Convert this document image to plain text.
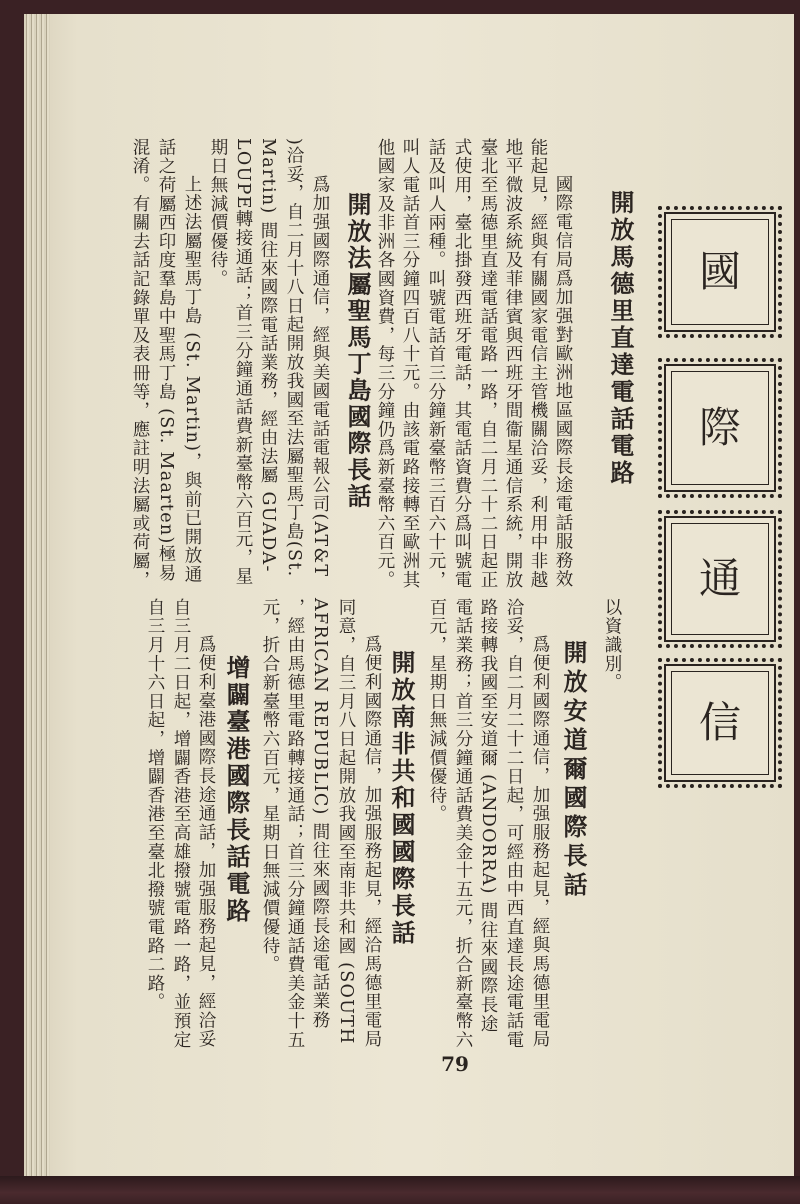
國
際
通
信
開放馬德里直達電話電路
國際電信局爲加强對歐洲地區國際長途電話服務效
能起見，經與有關國家電信主管機關洽妥，利用中非越
地平微波系統及菲律賓與西班牙間衞星通信系統，開放
臺北至馬德里直達電話電路一路，自二月二十二日起正
式使用，臺北掛發西班牙電話，其電話資費分爲叫號電
話及叫人兩種。叫號電話首三分鐘新臺幣三百六十元，
叫人電話首三分鐘四百八十元。由該電路接轉至歐洲其
他國家及非洲各國資費，每三分鐘仍爲新臺幣六百元。
開放法屬聖馬丁島國際長話
爲加强國際通信，經與美國電話電報公司(AT&T
)洽妥，自二月十八日起開放我國至法屬聖馬丁島(St.
Martin) 間往來國際電話業務，經由法屬 GUADA-
LOUPE轉接通話；首三分鐘通話費新臺幣六百元，星
期日無減價優待。
上述法屬聖馬丁島 (St. Martin)，與前已開放通
話之荷屬西印度羣島中聖馬丁島 (St. Maarten)極易
混淆。有關去話記錄單及表冊等，應註明法屬或荷屬，
以資識別。
開放安道爾國際長話
爲便利國際通信，加强服務起見，經與馬德里電局
洽妥，自二月二十二日起，可經由中西直達長途電話電
路接轉我國至安道爾 (ANDORRA) 間往來國際長途
電話業務；首三分鐘通話費美金十五元，折合新臺幣六
百元，星期日無減價優待。
開放南非共和國國際長話
爲便利國際通信，加强服務起見，經洽馬德里電局
同意，自三月八日起開放我國至南非共和國 (SOUTH
AFRICAN REPUBLIC) 間往來國際長途電話業務
，經由馬德里電路轉接通話；首三分鐘通話費美金十五
元，折合新臺幣六百元，星期日無減價優待。
增闢臺港國際長話電路
爲便利臺港國際長途通話，加强服務起見，經洽妥
自三月二日起，增闢香港至高雄撥號電路一路，並預定
自三月十六日起，增闢香港至臺北撥號電路二路。
79
